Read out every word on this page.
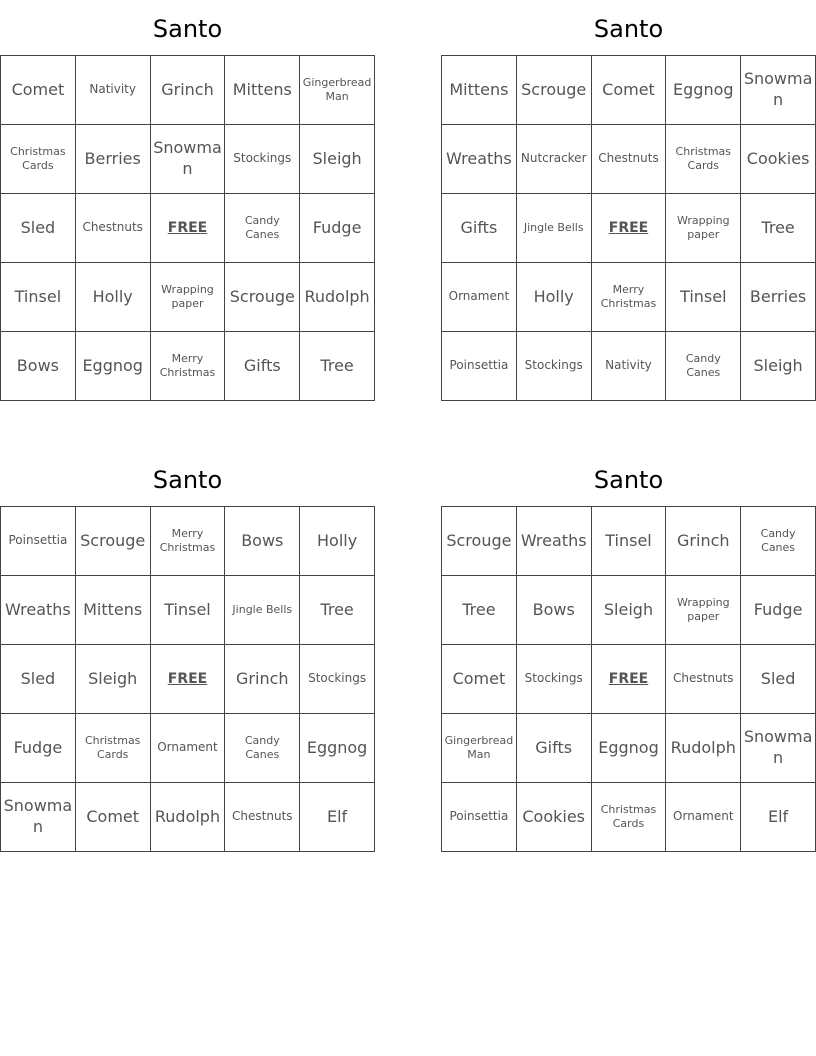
Santo
Comet	Nativity	Grinch	Mittens	Gingerbread Man
Christmas Cards	Berries	Snowman	Stockings	Sleigh
Sled	Chestnuts	FREE	Candy Canes	Fudge
Tinsel	Holly	Wrapping paper	Scrouge	Rudolph
Bows	Eggnog	Merry Christmas	Gifts	Tree
Santo
Mittens	Scrouge	Comet	Eggnog	Snowman
Wreaths	Nutcracker	Chestnuts	Christmas Cards	Cookies
Gifts	Jingle Bells	FREE	Wrapping paper	Tree
Ornament	Holly	Merry Christmas	Tinsel	Berries
Poinsettia	Stockings	Nativity	Candy Canes	Sleigh
Santo
Poinsettia	Scrouge	Merry Christmas	Bows	Holly
Wreaths	Mittens	Tinsel	Jingle Bells	Tree
Sled	Sleigh	FREE	Grinch	Stockings
Fudge	Christmas Cards	Ornament	Candy Canes	Eggnog
Snowman	Comet	Rudolph	Chestnuts	Elf
Santo
Scrouge	Wreaths	Tinsel	Grinch	Candy Canes
Tree	Bows	Sleigh	Wrapping paper	Fudge
Comet	Stockings	FREE	Chestnuts	Sled
Gingerbread Man	Gifts	Eggnog	Rudolph	Snowman
Poinsettia	Cookies	Christmas Cards	Ornament	Elf
